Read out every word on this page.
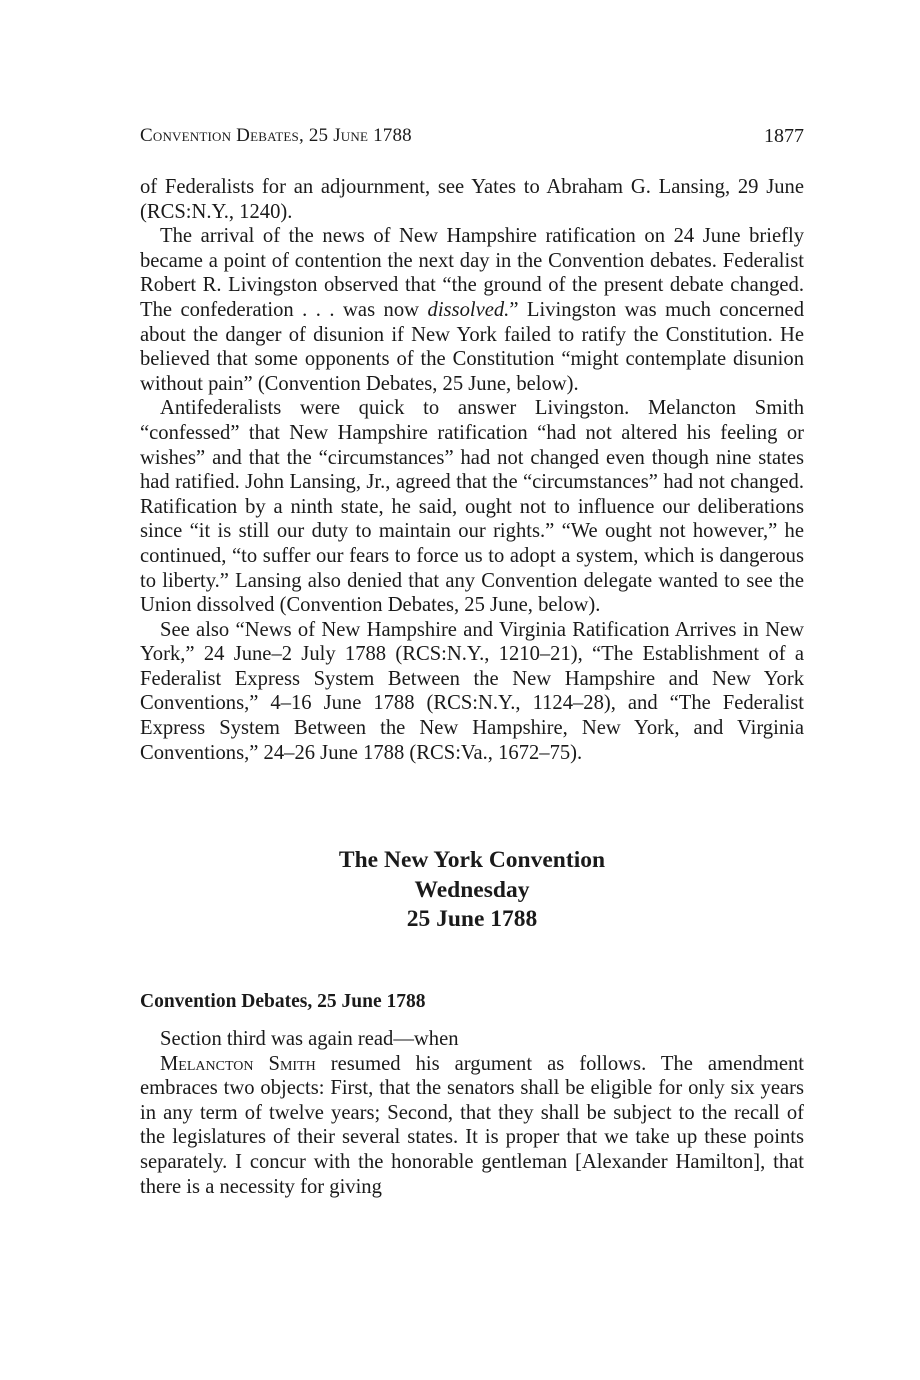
Convention Debates, 25 June 1788	1877

of Federalists for an adjournment, see Yates to Abraham G. Lansing, 29 June (RCS:N.Y., 1240).

The arrival of the news of New Hampshire ratification on 24 June briefly became a point of contention the next day in the Convention debates. Federalist Robert R. Livingston observed that “the ground of the present debate changed. The confederation . . . was now dissolved.” Livingston was much concerned about the danger of disunion if New York failed to ratify the Constitution. He believed that some opponents of the Constitution “might contemplate disunion without pain” (Convention Debates, 25 June, below).

Antifederalists were quick to answer Livingston. Melancton Smith “confessed” that New Hampshire ratification “had not altered his feeling or wishes” and that the “circumstances” had not changed even though nine states had ratified. John Lansing, Jr., agreed that the “circumstances” had not changed. Ratification by a ninth state, he said, ought not to influence our deliberations since “it is still our duty to maintain our rights.” “We ought not however,” he continued, “to suffer our fears to force us to adopt a system, which is dangerous to liberty.” Lansing also denied that any Convention delegate wanted to see the Union dissolved (Convention Debates, 25 June, below).

See also “News of New Hampshire and Virginia Ratification Arrives in New York,” 24 June–2 July 1788 (RCS:N.Y., 1210–21), “The Establishment of a Federalist Express System Between the New Hampshire and New York Conventions,” 4–16 June 1788 (RCS:N.Y., 1124–28), and “The Federalist Express System Between the New Hampshire, New York, and Virginia Conventions,” 24–26 June 1788 (RCS:Va., 1672–75).

The New York Convention
Wednesday
25 June 1788
Convention Debates, 25 June 1788

Section third was again read—when

Melancton Smith resumed his argument as follows. The amendment embraces two objects: First, that the senators shall be eligible for only six years in any term of twelve years; Second, that they shall be subject to the recall of the legislatures of their several states. It is proper that we take up these points separately. I concur with the honorable gentleman [Alexander Hamilton], that there is a necessity for giving
